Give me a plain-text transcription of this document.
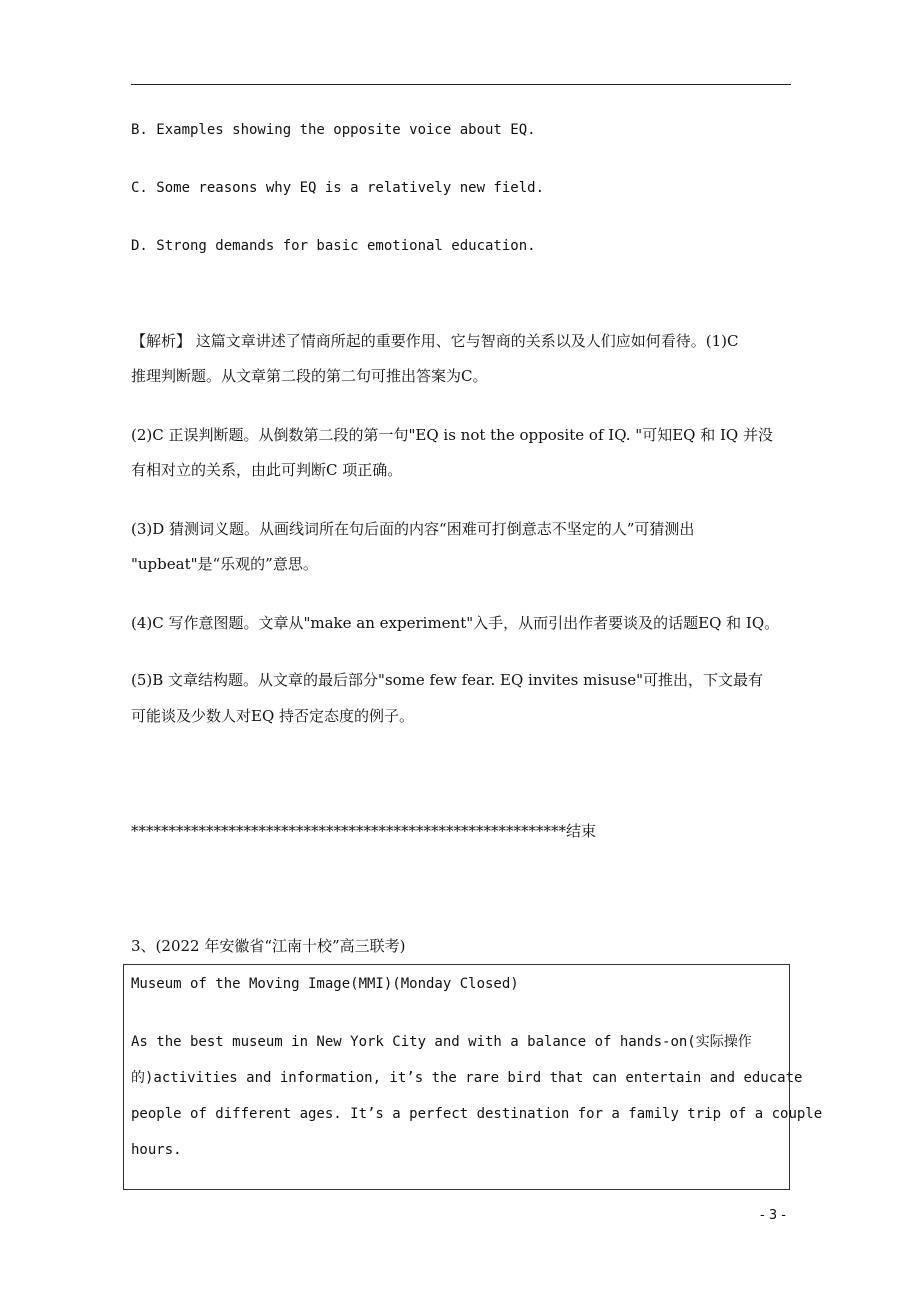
B. Examples showing the opposite voice about EQ.
C. Some reasons why EQ is a relatively new field.
D. Strong demands for basic emotional education.
【解析】 这篇文章讲述了情商所起的重要作用、它与智商的关系以及人们应如何看待。(1)C
推理判断题。从文章第二段的第二句可推出答案为C。
(2)C 正误判断题。从倒数第二段的第一句"EQ is not the opposite of IQ. "可知EQ 和 IQ 并没
有相对立的关系，由此可判断C 项正确。
(3)D 猜测词义题。从画线词所在句后面的内容“困难可打倒意志不坚定的人”可猜测出
"upbeat"是“乐观的”意思。
(4)C 写作意图题。文章从"make an experiment"入手，从而引出作者要谈及的话题EQ 和 IQ。
(5)B 文章结构题。从文章的最后部分"some few fear. EQ invites misuse"可推出，下文最有
可能谈及少数人对EQ 持否定态度的例子。
**********************************************************结束
3、(2022 年安徽省“江南十校”高三联考)
Museum of the Moving Image(MMI)(Monday Closed)
As the best museum in New York City and with a balance of hands-on(实际操作
的)activities and information, it’s the rare bird that can entertain and educate
people of different ages. It’s a perfect destination for a family trip of a couple
hours.
- 3 -
